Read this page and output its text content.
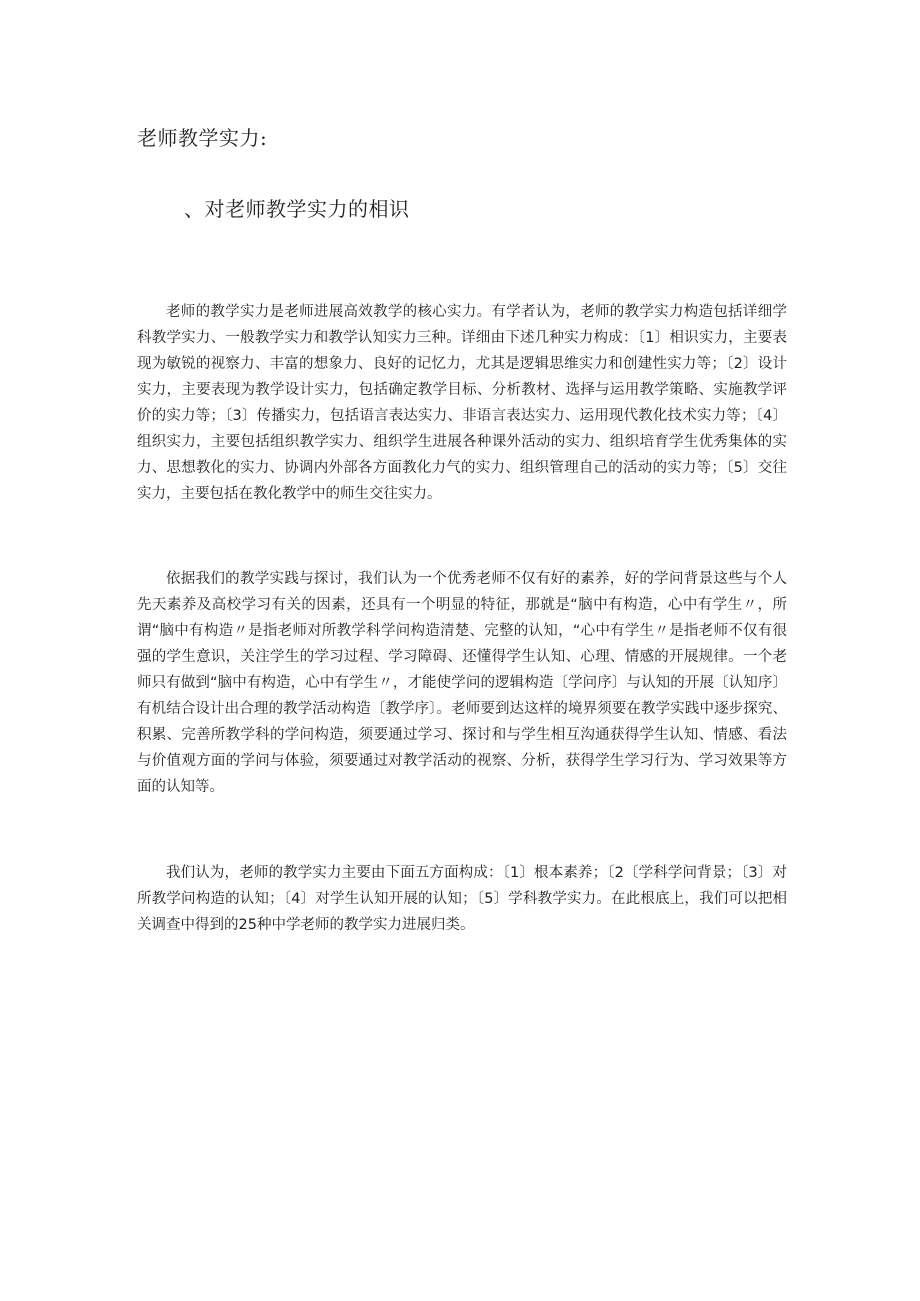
老师教学实力:
、对老师教学实力的相识

老师的教学实力是老师进展高效教学的核心实力。有学者认为，老师的教学实力构造包括详细学科教学实力、一般教学实力和教学认知实力三种。详细由下述几种实力构成：〔1〕相识实力，主要表现为敏锐的视察力、丰富的想象力、良好的记忆力，尤其是逻辑思维实力和创建性实力等；〔2〕设计实力，主要表现为教学设计实力，包括确定教学目标、分析教材、选择与运用教学策略、实施教学评价的实力等；〔3〕传播实力，包括语言表达实力、非语言表达实力、运用现代教化技术实力等；〔4〕组织实力，主要包括组织教学实力、组织学生进展各种课外活动的实力、组织培育学生优秀集体的实力、思想教化的实力、协调内外部各方面教化力气的实力、组织管理自己的活动的实力等；〔5〕交往实力，主要包括在教化教学中的师生交往实力。

依据我们的教学实践与探讨，我们认为一个优秀老师不仅有好的素养，好的学问背景这些与个人先天素养及高校学习有关的因素，还具有一个明显的特征，那就是“脑中有构造，心中有学生〃，所谓“脑中有构造〃是指老师对所教学科学问构造清楚、完整的认知，“心中有学生〃是指老师不仅有很强的学生意识，关注学生的学习过程、学习障碍、还懂得学生认知、心理、情感的开展规律。一个老师只有做到“脑中有构造，心中有学生〃，才能使学问的逻辑构造〔学问序〕与认知的开展〔认知序〕有机结合设计出合理的教学活动构造〔教学序〕。老师要到达这样的境界须要在教学实践中逐步探究、积累、完善所教学科的学问构造，须要通过学习、探讨和与学生相互沟通获得学生认知、情感、看法与价值观方面的学问与体验，须要通过对教学活动的视察、分析，获得学生学习行为、学习效果等方面的认知等。

我们认为，老师的教学实力主要由下面五方面构成：〔1〕根本素养；〔2〔学科学问背景；〔3〕对所教学问构造的认知；〔4〕对学生认知开展的认知；〔5〕学科教学实力。在此根底上，我们可以把相关调查中得到的25种中学老师的教学实力进展归类。
